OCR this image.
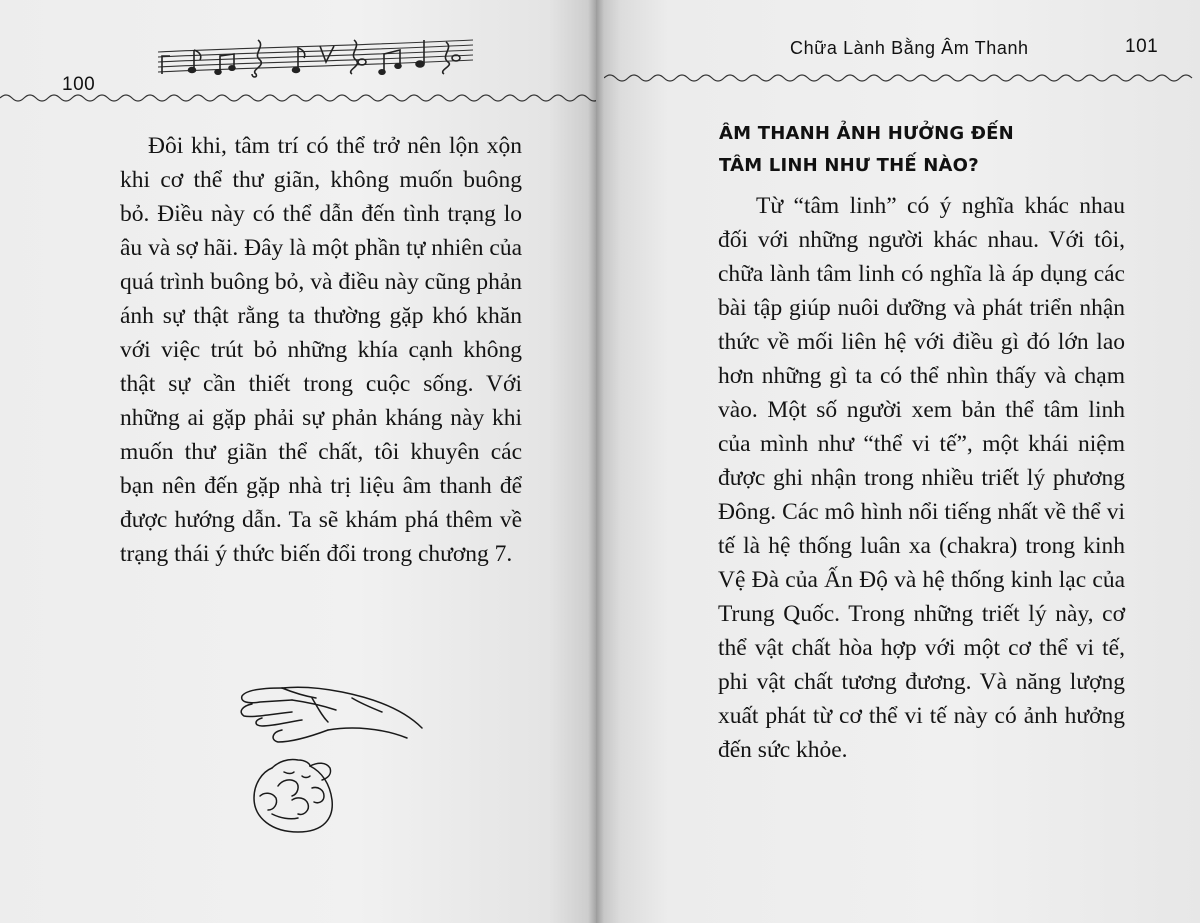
100

Đôi khi, tâm trí có thể trở nên lộn xộn khi cơ thể thư giãn, không muốn buông bỏ. Điều này có thể dẫn đến tình trạng lo âu và sợ hãi. Đây là một phần tự nhiên của quá trình buông bỏ, và điều này cũng phản ánh sự thật rằng ta thường gặp khó khăn với việc trút bỏ những khía cạnh không thật sự cần thiết trong cuộc sống. Với những ai gặp phải sự phản kháng này khi muốn thư giãn thể chất, tôi khuyên các bạn nên đến gặp nhà trị liệu âm thanh để được hướng dẫn. Ta sẽ khám phá thêm về trạng thái ý thức biến đổi trong chương 7.

Chữa Lành Bằng Âm Thanh	101
ÂM THANH ẢNH HƯỞNG ĐẾN TÂM LINH NHƯ THẾ NÀO?

Từ “tâm linh” có ý nghĩa khác nhau đối với những người khác nhau. Với tôi, chữa lành tâm linh có nghĩa là áp dụng các bài tập giúp nuôi dưỡng và phát triển nhận thức về mối liên hệ với điều gì đó lớn lao hơn những gì ta có thể nhìn thấy và chạm vào. Một số người xem bản thể tâm linh của mình như “thể vi tế”, một khái niệm được ghi nhận trong nhiều triết lý phương Đông. Các mô hình nổi tiếng nhất về thể vi tế là hệ thống luân xa (chakra) trong kinh Vệ Đà của Ấn Độ và hệ thống kinh lạc của Trung Quốc. Trong những triết lý này, cơ thể vật chất hòa hợp với một cơ thể vi tế, phi vật chất tương đương. Và năng lượng xuất phát từ cơ thể vi tế này có ảnh hưởng đến sức khỏe.
